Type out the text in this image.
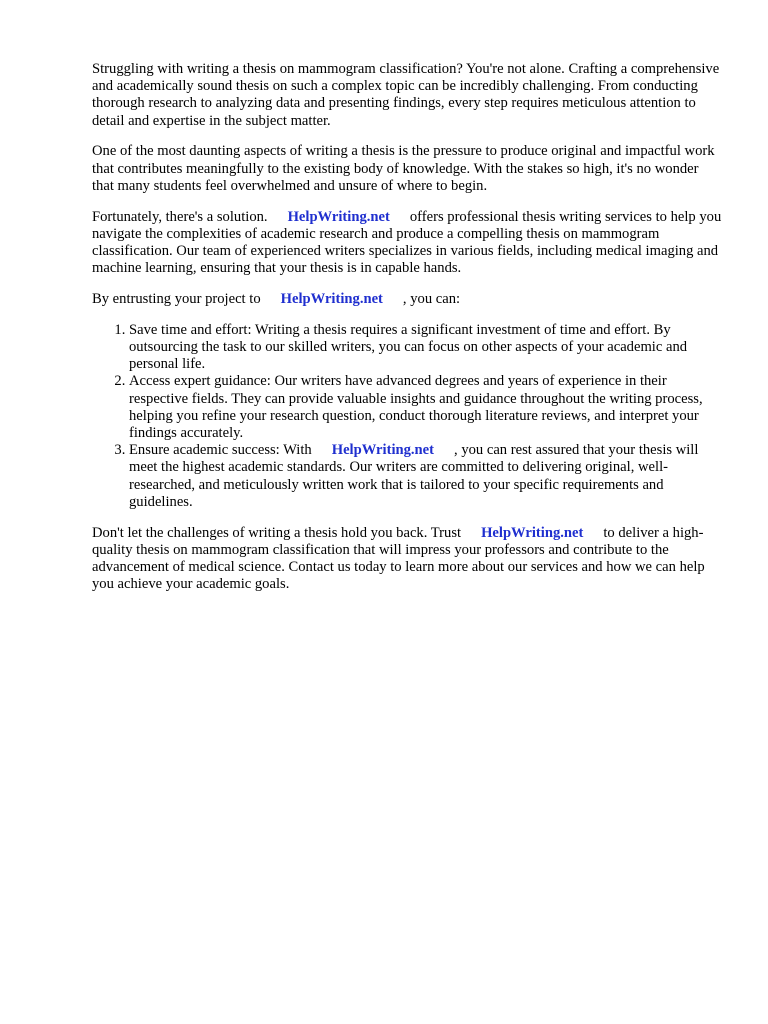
Struggling with writing a thesis on mammogram classification? You're not alone. Crafting a comprehensive and academically sound thesis on such a complex topic can be incredibly challenging. From conducting thorough research to analyzing data and presenting findings, every step requires meticulous attention to detail and expertise in the subject matter.

One of the most daunting aspects of writing a thesis is the pressure to produce original and impactful work that contributes meaningfully to the existing body of knowledge. With the stakes so high, it's no wonder that many students feel overwhelmed and unsure of where to begin.

Fortunately, there's a solution. HelpWriting.net offers professional thesis writing services to help you navigate the complexities of academic research and produce a compelling thesis on mammogram classification. Our team of experienced writers specializes in various fields, including medical imaging and machine learning, ensuring that your thesis is in capable hands.

By entrusting your project to HelpWriting.net , you can:

1. Save time and effort: Writing a thesis requires a significant investment of time and effort. By outsourcing the task to our skilled writers, you can focus on other aspects of your academic and personal life.
2. Access expert guidance: Our writers have advanced degrees and years of experience in their respective fields. They can provide valuable insights and guidance throughout the writing process, helping you refine your research question, conduct thorough literature reviews, and interpret your findings accurately.
3. Ensure academic success: With HelpWriting.net , you can rest assured that your thesis will meet the highest academic standards. Our writers are committed to delivering original, well-researched, and meticulously written work that is tailored to your specific requirements and guidelines.

Don't let the challenges of writing a thesis hold you back. Trust HelpWriting.net to deliver a high-quality thesis on mammogram classification that will impress your professors and contribute to the advancement of medical science. Contact us today to learn more about our services and how we can help you achieve your academic goals.
